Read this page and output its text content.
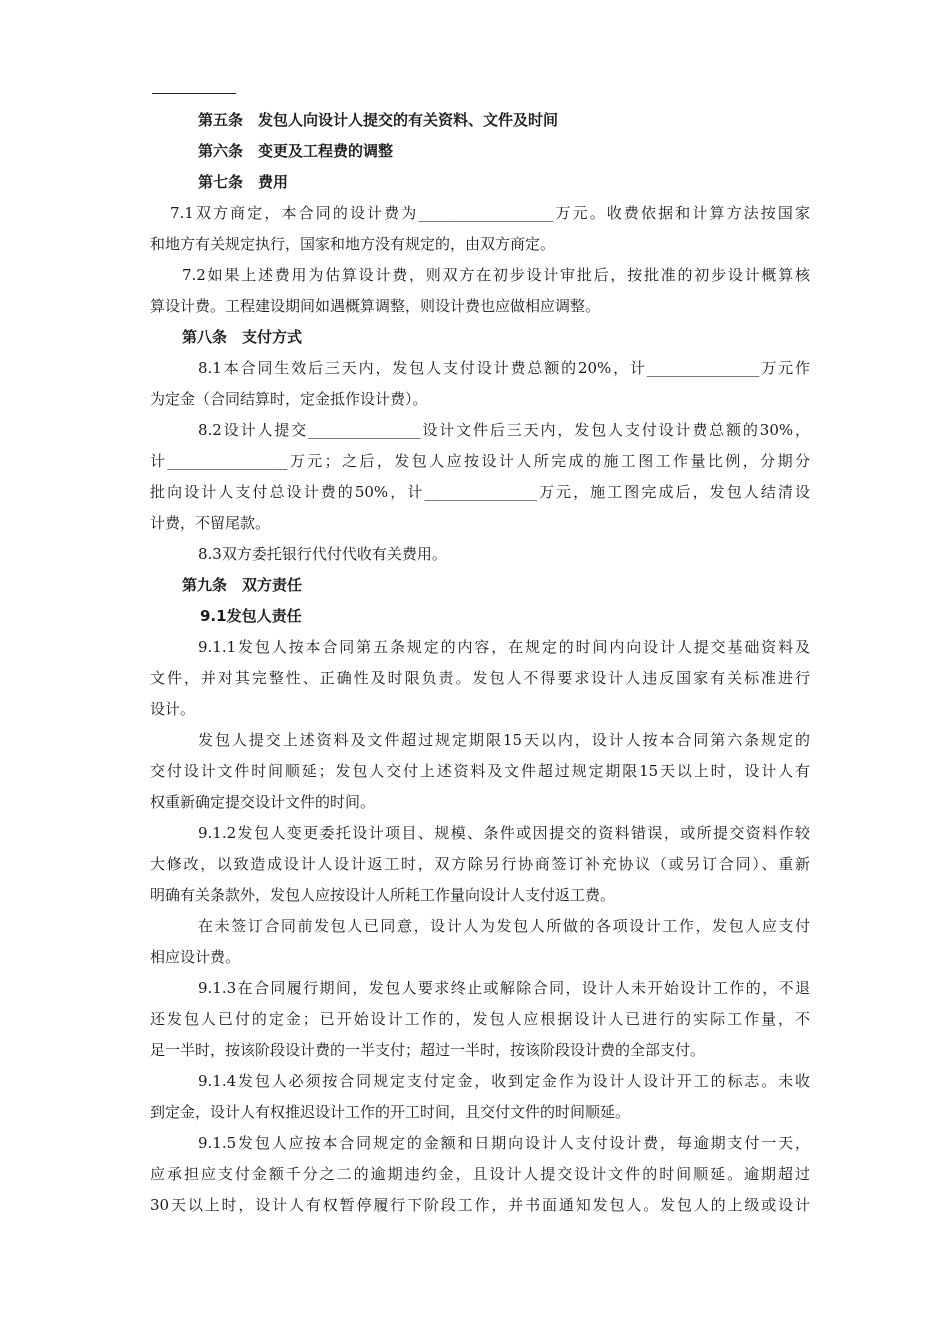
第五条　发包人向设计人提交的有关资料、文件及时间
第六条　变更及工程费的调整
第七条　费用
7.1双方商定，本合同的设计费为__________________万元。收费依据和计算方法按国家
和地方有关规定执行，国家和地方没有规定的，由双方商定。
7.2如果上述费用为估算设计费，则双方在初步设计审批后，按批准的初步设计概算核
算设计费。工程建设期间如遇概算调整，则设计费也应做相应调整。
第八条　支付方式
8.1本合同生效后三天内，发包人支付设计费总额的20%，计_______________万元作
为定金（合同结算时，定金抵作设计费）。
8.2设计人提交_______________设计文件后三天内，发包人支付设计费总额的30%，
计________________万元；之后，发包人应按设计人所完成的施工图工作量比例，分期分
批向设计人支付总设计费的50%，计_______________万元，施工图完成后，发包人结清设
计费，不留尾款。
8.3双方委托银行代付代收有关费用。
第九条　双方责任
9.1发包人责任
9.1.1发包人按本合同第五条规定的内容，在规定的时间内向设计人提交基础资料及
文件，并对其完整性、正确性及时限负责。发包人不得要求设计人违反国家有关标准进行
设计。
发包人提交上述资料及文件超过规定期限15天以内，设计人按本合同第六条规定的
交付设计文件时间顺延；发包人交付上述资料及文件超过规定期限15天以上时，设计人有
权重新确定提交设计文件的时间。
9.1.2发包人变更委托设计项目、规模、条件或因提交的资料错误，或所提交资料作较
大修改，以致造成设计人设计返工时，双方除另行协商签订补充协议（或另订合同）、重新
明确有关条款外，发包人应按设计人所耗工作量向设计人支付返工费。
在未签订合同前发包人已同意，设计人为发包人所做的各项设计工作，发包人应支付
相应设计费。
9.1.3在合同履行期间，发包人要求终止或解除合同，设计人未开始设计工作的，不退
还发包人已付的定金；已开始设计工作的，发包人应根据设计人已进行的实际工作量，不
足一半时，按该阶段设计费的一半支付；超过一半时，按该阶段设计费的全部支付。
9.1.4发包人必须按合同规定支付定金，收到定金作为设计人设计开工的标志。未收
到定金，设计人有权推迟设计工作的开工时间，且交付文件的时间顺延。
9.1.5发包人应按本合同规定的金额和日期向设计人支付设计费，每逾期支付一天，
应承担应支付金额千分之二的逾期违约金，且设计人提交设计文件的时间顺延。逾期超过
30天以上时，设计人有权暂停履行下阶段工作，并书面通知发包人。发包人的上级或设计
